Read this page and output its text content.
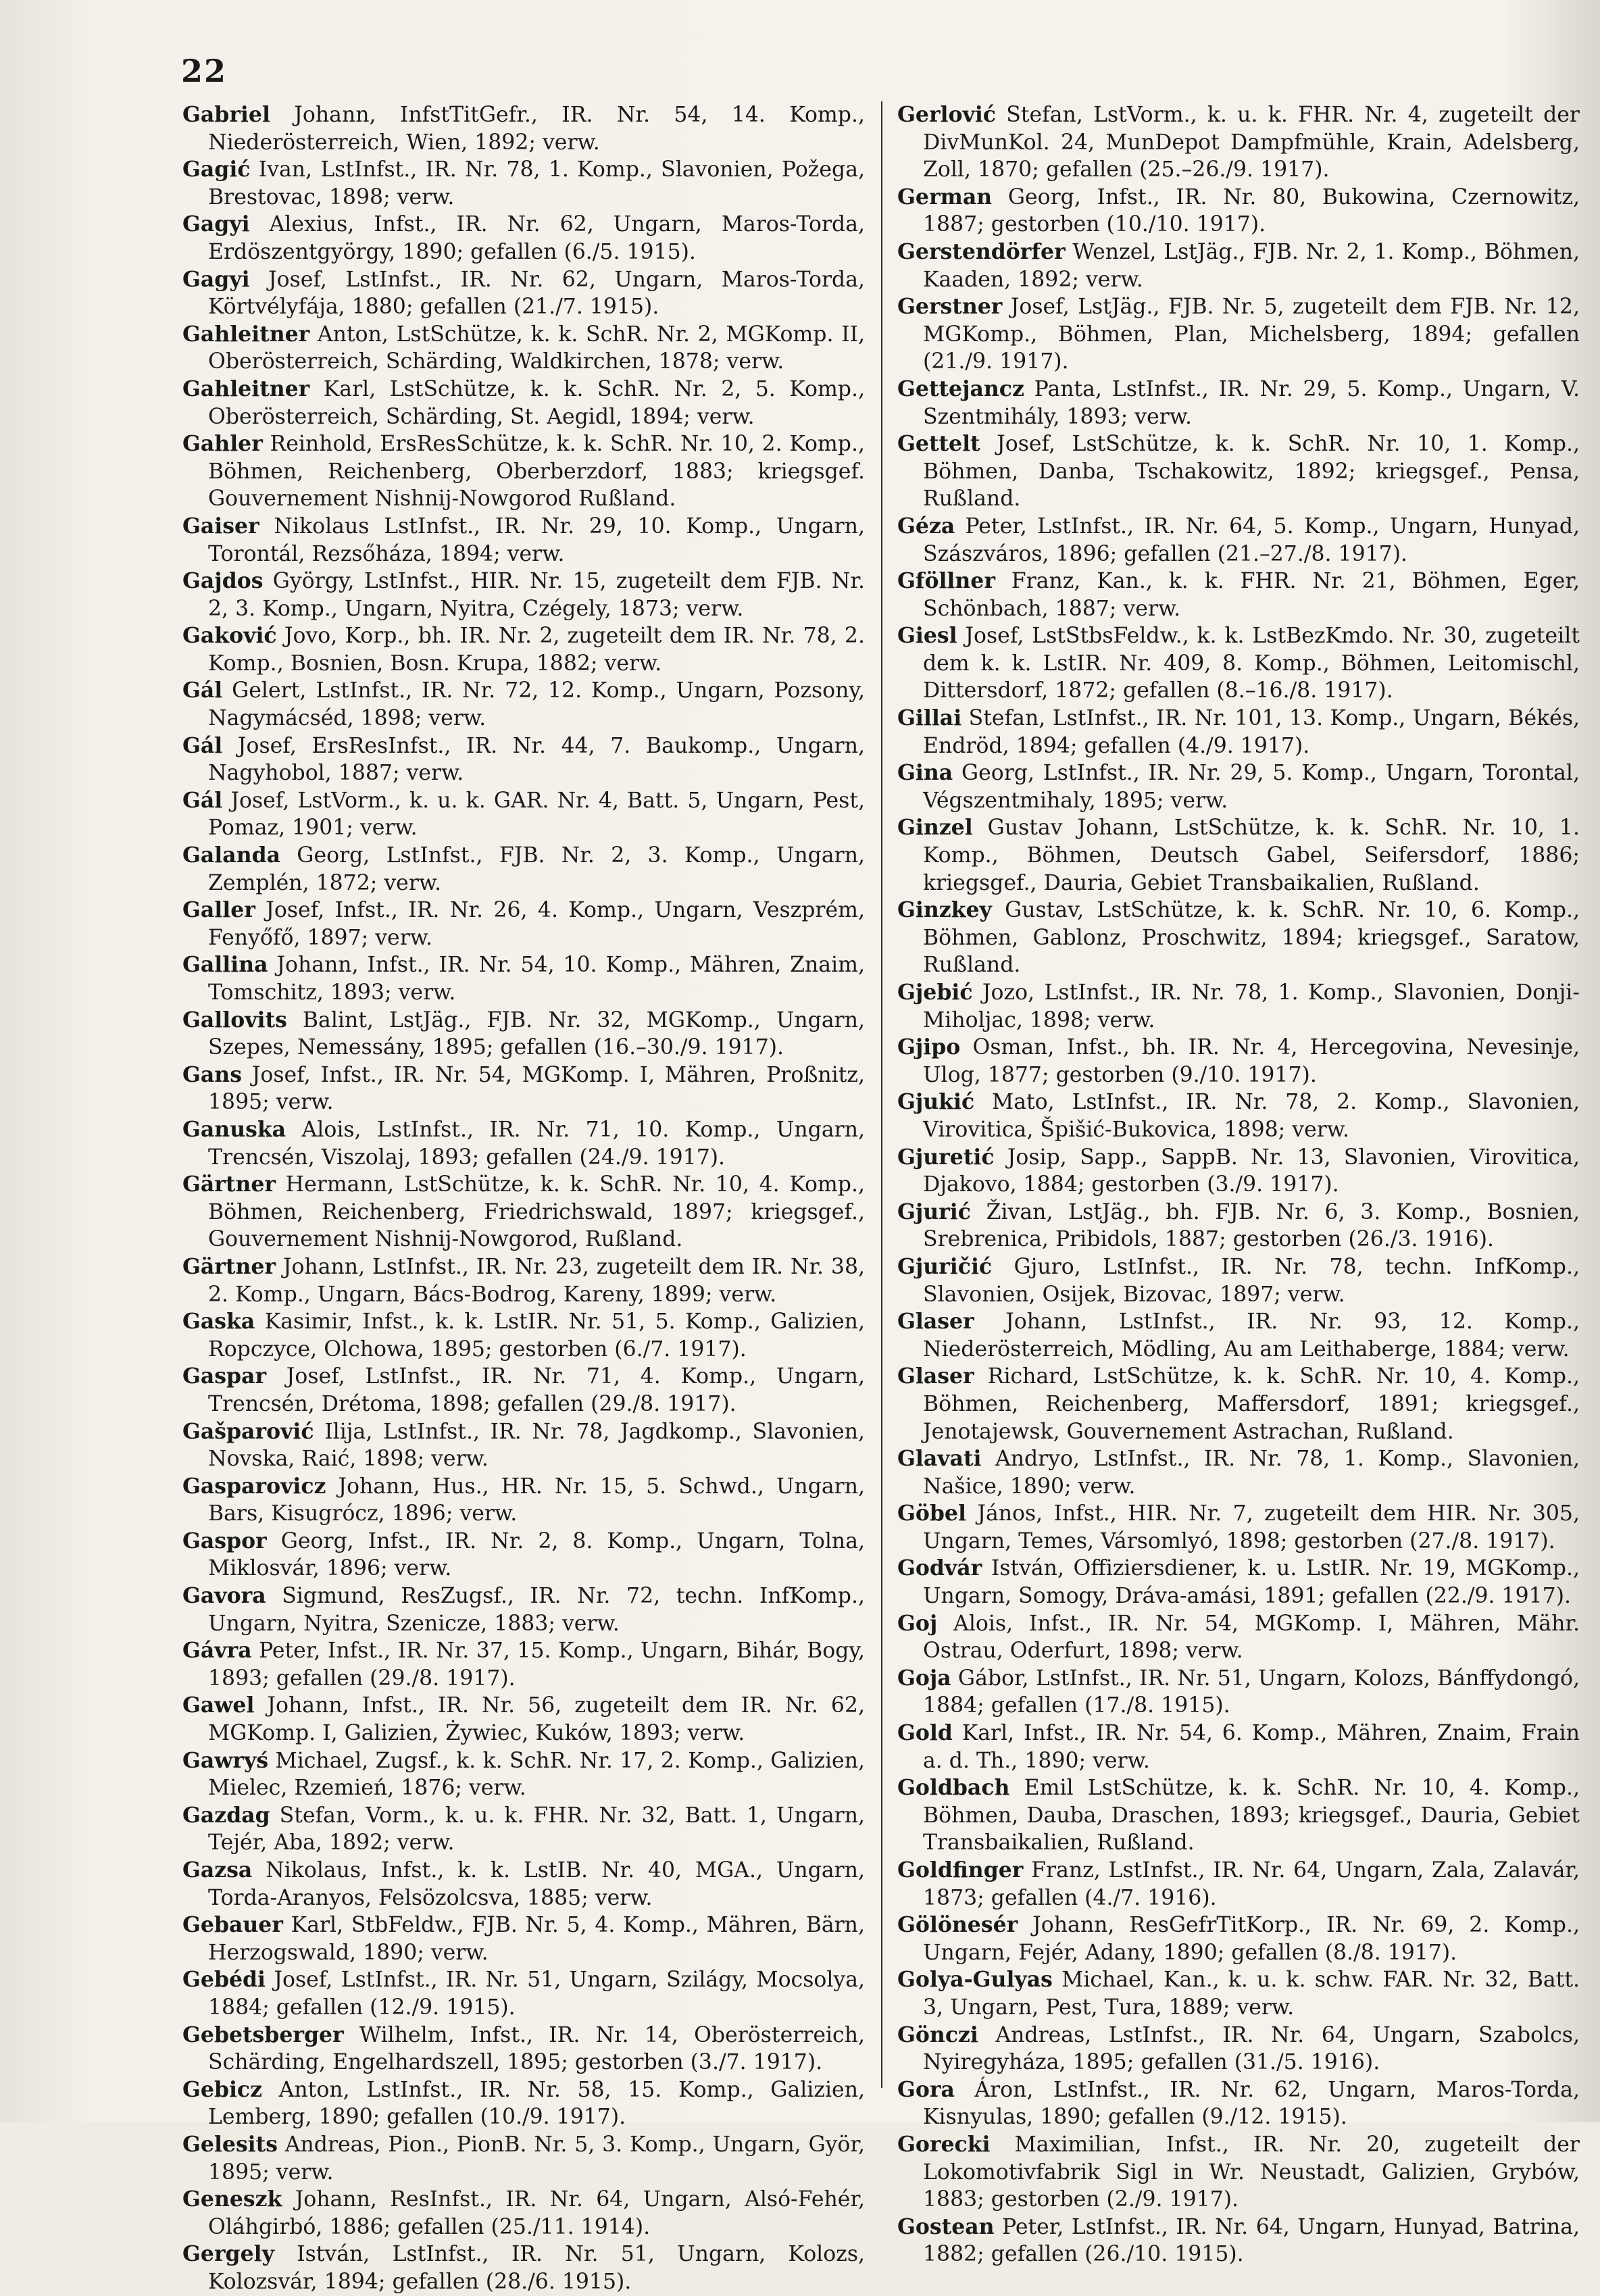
22

Gabriel Johann, InfstTitGefr., IR. Nr. 54, 14. Komp., Niederösterreich, Wien, 1892; verw.

Gagić Ivan, LstInfst., IR. Nr. 78, 1. Komp., Slavonien, Požega, Brestovac, 1898; verw.

Gagyi Alexius, Infst., IR. Nr. 62, Ungarn, Maros-Torda, Erdöszentgyörgy, 1890; gefallen (6./5. 1915).

Gagyi Josef, LstInfst., IR. Nr. 62, Ungarn, Maros-Torda, Körtvélyfája, 1880; gefallen (21./7. 1915).

Gahleitner Anton, LstSchütze, k. k. SchR. Nr. 2, MGKomp. II, Oberösterreich, Schärding, Waldkirchen, 1878; verw.

Gahleitner Karl, LstSchütze, k. k. SchR. Nr. 2, 5. Komp., Oberösterreich, Schärding, St. Aegidl, 1894; verw.

Gahler Reinhold, ErsResSchütze, k. k. SchR. Nr. 10, 2. Komp., Böhmen, Reichenberg, Oberberzdorf, 1883; kriegsgef. Gouvernement Nishnij-Nowgorod Rußland.

Gaiser Nikolaus LstInfst., IR. Nr. 29, 10. Komp., Ungarn, Torontál, Rezsőháza, 1894; verw.

Gajdos György, LstInfst., HIR. Nr. 15, zugeteilt dem FJB. Nr. 2, 3. Komp., Ungarn, Nyitra, Czégely, 1873; verw.

Gaković Jovo, Korp., bh. IR. Nr. 2, zugeteilt dem IR. Nr. 78, 2. Komp., Bosnien, Bosn. Krupa, 1882; verw.

Gál Gelert, LstInfst., IR. Nr. 72, 12. Komp., Ungarn, Pozsony, Nagymácséd, 1898; verw.

Gál Josef, ErsResInfst., IR. Nr. 44, 7. Baukomp., Ungarn, Nagyhobol, 1887; verw.

Gál Josef, LstVorm., k. u. k. GAR. Nr. 4, Batt. 5, Ungarn, Pest, Pomaz, 1901; verw.

Galanda Georg, LstInfst., FJB. Nr. 2, 3. Komp., Ungarn, Zemplén, 1872; verw.

Galler Josef, Infst., IR. Nr. 26, 4. Komp., Ungarn, Veszprém, Fenyőfő, 1897; verw.

Gallina Johann, Infst., IR. Nr. 54, 10. Komp., Mähren, Znaim, Tomschitz, 1893; verw.

Gallovits Balint, LstJäg., FJB. Nr. 32, MGKomp., Ungarn, Szepes, Nemessány, 1895; gefallen (16.–30./9. 1917).

Gans Josef, Infst., IR. Nr. 54, MGKomp. I, Mähren, Proßnitz, 1895; verw.

Ganuska Alois, LstInfst., IR. Nr. 71, 10. Komp., Ungarn, Trencsén, Viszolaj, 1893; gefallen (24./9. 1917).

Gärtner Hermann, LstSchütze, k. k. SchR. Nr. 10, 4. Komp., Böhmen, Reichenberg, Friedrichswald, 1897; kriegsgef., Gouvernement Nishnij-Nowgorod, Rußland.

Gärtner Johann, LstInfst., IR. Nr. 23, zugeteilt dem IR. Nr. 38, 2. Komp., Ungarn, Bács-Bodrog, Kareny, 1899; verw.

Gaska Kasimir, Infst., k. k. LstIR. Nr. 51, 5. Komp., Galizien, Ropczyce, Olchowa, 1895; gestorben (6./7. 1917).

Gaspar Josef, LstInfst., IR. Nr. 71, 4. Komp., Ungarn, Trencsén, Drétoma, 1898; gefallen (29./8. 1917).

Gašparović Ilija, LstInfst., IR. Nr. 78, Jagdkomp., Slavonien, Novska, Raić, 1898; verw.

Gasparovicz Johann, Hus., HR. Nr. 15, 5. Schwd., Ungarn, Bars, Kisugrócz, 1896; verw.

Gaspor Georg, Infst., IR. Nr. 2, 8. Komp., Ungarn, Tolna, Miklosvár, 1896; verw.

Gavora Sigmund, ResZugsf., IR. Nr. 72, techn. InfKomp., Ungarn, Nyitra, Szenicze, 1883; verw.

Gávra Peter, Infst., IR. Nr. 37, 15. Komp., Ungarn, Bihár, Bogy, 1893; gefallen (29./8. 1917).

Gawel Johann, Infst., IR. Nr. 56, zugeteilt dem IR. Nr. 62, MGKomp. I, Galizien, Żywiec, Kuków, 1893; verw.

Gawryś Michael, Zugsf., k. k. SchR. Nr. 17, 2. Komp., Galizien, Mielec, Rzemień, 1876; verw.

Gazdag Stefan, Vorm., k. u. k. FHR. Nr. 32, Batt. 1, Ungarn, Tejér, Aba, 1892; verw.

Gazsa Nikolaus, Infst., k. k. LstIB. Nr. 40, MGA., Ungarn, Torda-Aranyos, Felsözolcsva, 1885; verw.

Gebauer Karl, StbFeldw., FJB. Nr. 5, 4. Komp., Mähren, Bärn, Herzogswald, 1890; verw.

Gebédi Josef, LstInfst., IR. Nr. 51, Ungarn, Szilágy, Mocsolya, 1884; gefallen (12./9. 1915).

Gebetsberger Wilhelm, Infst., IR. Nr. 14, Oberösterreich, Schärding, Engelhardszell, 1895; gestorben (3./7. 1917).

Gebicz Anton, LstInfst., IR. Nr. 58, 15. Komp., Galizien, Lemberg, 1890; gefallen (10./9. 1917).

Gelesits Andreas, Pion., PionB. Nr. 5, 3. Komp., Ungarn, Györ, 1895; verw.

Geneszk Johann, ResInfst., IR. Nr. 64, Ungarn, Alsó-Fehér, Oláhgirbó, 1886; gefallen (25./11. 1914).

Gergely István, LstInfst., IR. Nr. 51, Ungarn, Kolozs, Kolozsvár, 1894; gefallen (28./6. 1915).

Gerlović Stefan, LstVorm., k. u. k. FHR. Nr. 4, zugeteilt der DivMunKol. 24, MunDepot Dampfmühle, Krain, Adelsberg, Zoll, 1870; gefallen (25.–26./9. 1917).

German Georg, Infst., IR. Nr. 80, Bukowina, Czernowitz, 1887; gestorben (10./10. 1917).

Gerstendörfer Wenzel, LstJäg., FJB. Nr. 2, 1. Komp., Böhmen, Kaaden, 1892; verw.

Gerstner Josef, LstJäg., FJB. Nr. 5, zugeteilt dem FJB. Nr. 12, MGKomp., Böhmen, Plan, Michelsberg, 1894; gefallen (21./9. 1917).

Gettejancz Panta, LstInfst., IR. Nr. 29, 5. Komp., Ungarn, V. Szentmihály, 1893; verw.

Gettelt Josef, LstSchütze, k. k. SchR. Nr. 10, 1. Komp., Böhmen, Danba, Tschakowitz, 1892; kriegsgef., Pensa, Rußland.

Géza Peter, LstInfst., IR. Nr. 64, 5. Komp., Ungarn, Hunyad, Szászváros, 1896; gefallen (21.–27./8. 1917).

Gföllner Franz, Kan., k. k. FHR. Nr. 21, Böhmen, Eger, Schönbach, 1887; verw.

Giesl Josef, LstStbsFeldw., k. k. LstBezKmdo. Nr. 30, zugeteilt dem k. k. LstIR. Nr. 409, 8. Komp., Böhmen, Leitomischl, Dittersdorf, 1872; gefallen (8.–16./8. 1917).

Gillai Stefan, LstInfst., IR. Nr. 101, 13. Komp., Ungarn, Békés, Endröd, 1894; gefallen (4./9. 1917).

Gina Georg, LstInfst., IR. Nr. 29, 5. Komp., Ungarn, Torontal, Végszentmihaly, 1895; verw.

Ginzel Gustav Johann, LstSchütze, k. k. SchR. Nr. 10, 1. Komp., Böhmen, Deutsch Gabel, Seifersdorf, 1886; kriegsgef., Dauria, Gebiet Transbaikalien, Rußland.

Ginzkey Gustav, LstSchütze, k. k. SchR. Nr. 10, 6. Komp., Böhmen, Gablonz, Proschwitz, 1894; kriegsgef., Saratow, Rußland.

Gjebić Jozo, LstInfst., IR. Nr. 78, 1. Komp., Slavonien, Donji-Miholjac, 1898; verw.

Gjipo Osman, Infst., bh. IR. Nr. 4, Hercegovina, Nevesinje, Ulog, 1877; gestorben (9./10. 1917).

Gjukić Mato, LstInfst., IR. Nr. 78, 2. Komp., Slavonien, Virovitica, Špišić-Bukovica, 1898; verw.

Gjuretić Josip, Sapp., SappB. Nr. 13, Slavonien, Virovitica, Djakovo, 1884; gestorben (3./9. 1917).

Gjurić Živan, LstJäg., bh. FJB. Nr. 6, 3. Komp., Bosnien, Srebrenica, Pribidols, 1887; gestorben (26./3. 1916).

Gjuričić Gjuro, LstInfst., IR. Nr. 78, techn. InfKomp., Slavonien, Osijek, Bizovac, 1897; verw.

Glaser Johann, LstInfst., IR. Nr. 93, 12. Komp., Niederösterreich, Mödling, Au am Leithaberge, 1884; verw.

Glaser Richard, LstSchütze, k. k. SchR. Nr. 10, 4. Komp., Böhmen, Reichenberg, Maffersdorf, 1891; kriegsgef., Jenotajewsk, Gouvernement Astrachan, Rußland.

Glavati Andryo, LstInfst., IR. Nr. 78, 1. Komp., Slavonien, Našice, 1890; verw.

Göbel János, Infst., HIR. Nr. 7, zugeteilt dem HIR. Nr. 305, Ungarn, Temes, Vársomlyó, 1898; gestorben (27./8. 1917).

Godvár István, Offiziersdiener, k. u. LstIR. Nr. 19, MGKomp., Ungarn, Somogy, Dráva-amási, 1891; gefallen (22./9. 1917).

Goj Alois, Infst., IR. Nr. 54, MGKomp. I, Mähren, Mähr. Ostrau, Oderfurt, 1898; verw.

Goja Gábor, LstInfst., IR. Nr. 51, Ungarn, Kolozs, Bánffydongó, 1884; gefallen (17./8. 1915).

Gold Karl, Infst., IR. Nr. 54, 6. Komp., Mähren, Znaim, Frain a. d. Th., 1890; verw.

Goldbach Emil LstSchütze, k. k. SchR. Nr. 10, 4. Komp., Böhmen, Dauba, Draschen, 1893; kriegsgef., Dauria, Gebiet Transbaikalien, Rußland.

Goldfinger Franz, LstInfst., IR. Nr. 64, Ungarn, Zala, Zalavár, 1873; gefallen (4./7. 1916).

Gölönesér Johann, ResGefrTitKorp., IR. Nr. 69, 2. Komp., Ungarn, Fejér, Adany, 1890; gefallen (8./8. 1917).

Golya-Gulyas Michael, Kan., k. u. k. schw. FAR. Nr. 32, Batt. 3, Ungarn, Pest, Tura, 1889; verw.

Gönczi Andreas, LstInfst., IR. Nr. 64, Ungarn, Szabolcs, Nyiregyháza, 1895; gefallen (31./5. 1916).

Gora Áron, LstInfst., IR. Nr. 62, Ungarn, Maros-Torda, Kisnyulas, 1890; gefallen (9./12. 1915).

Gorecki Maximilian, Infst., IR. Nr. 20, zugeteilt der Lokomotivfabrik Sigl in Wr. Neustadt, Galizien, Grybów, 1883; gestorben (2./9. 1917).

Gostean Peter, LstInfst., IR. Nr. 64, Ungarn, Hunyad, Batrina, 1882; gefallen (26./10. 1915).
